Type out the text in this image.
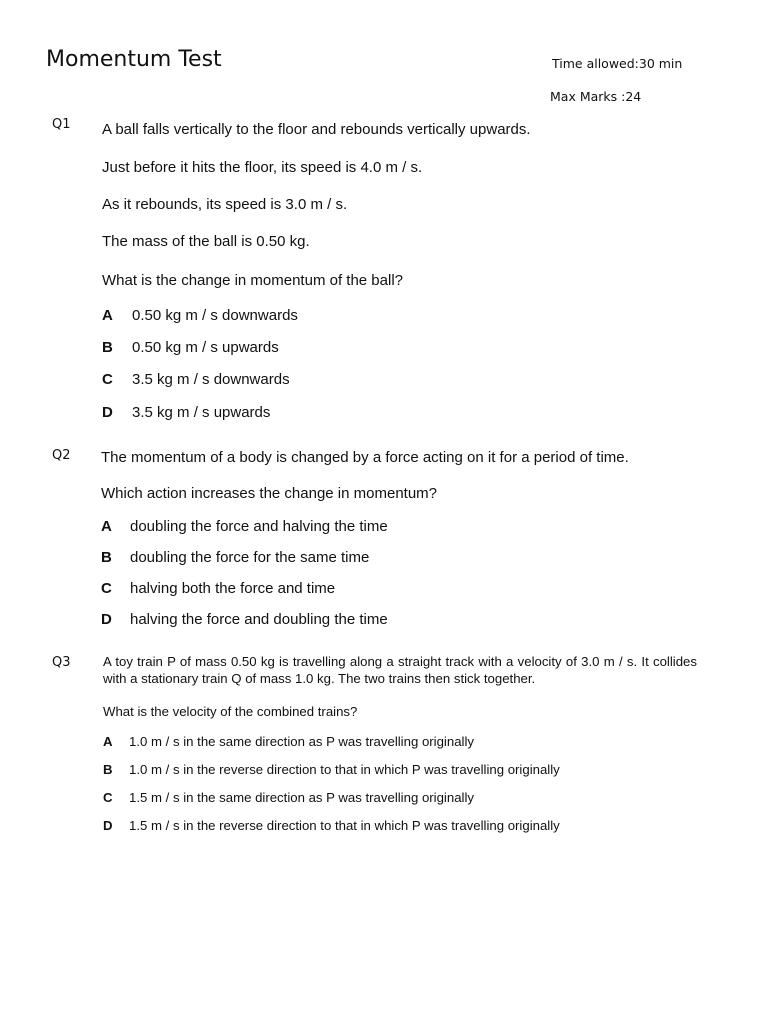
Momentum Test	Time allowed:30 min
Max Marks :24
Q1 A ball falls vertically to the floor and rebounds vertically upwards.
Just before it hits the floor, its speed is 4.0 m / s.
As it rebounds, its speed is 3.0 m / s.
The mass of the ball is 0.50 kg.
What is the change in momentum of the ball?
A 0.50 kg m / s downwards
B 0.50 kg m / s upwards
C 3.5 kg m / s downwards
D 3.5 kg m / s upwards
Q2 The momentum of a body is changed by a force acting on it for a period of time.
Which action increases the change in momentum?
A doubling the force and halving the time
B doubling the force for the same time
C halving both the force and time
D halving the force and doubling the time
Q3 A toy train P of mass 0.50 kg is travelling along a straight track with a velocity of 3.0 m / s. It collides with a stationary train Q of mass 1.0 kg. The two trains then stick together.
What is the velocity of the combined trains?
A 1.0 m / s in the same direction as P was travelling originally
B 1.0 m / s in the reverse direction to that in which P was travelling originally
C 1.5 m / s in the same direction as P was travelling originally
D 1.5 m / s in the reverse direction to that in which P was travelling originally
